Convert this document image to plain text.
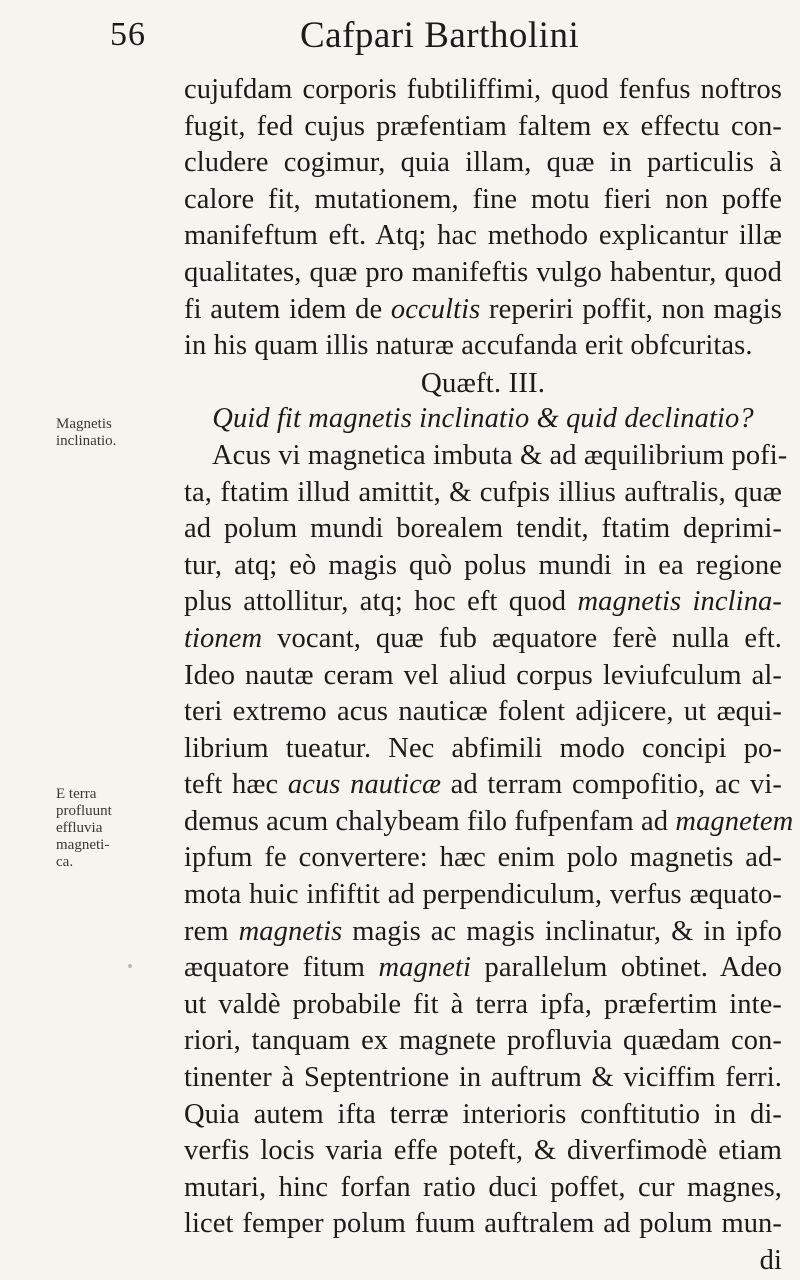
56	Cafpari Bartholini
Magnetis
inclinatio.
E terra
profluunt
effluvia
magneti-
ca.
cujufdam corporis fubtiliffimi, quod fenfus noftros
fugit, fed cujus præfentiam faltem ex effectu con-
cludere cogimur, quia illam, quæ in particulis à
calore fit, mutationem, fine motu fieri non poffe
manifeftum eft. Atq; hac methodo explicantur illæ
qualitates, quæ pro manifeftis vulgo habentur, quod
fi autem idem de occultis reperiri poffit, non magis
in his quam illis naturæ accufanda erit obfcuritas.
Quæft. III.
Quid fit magnetis inclinatio & quid declinatio?
Acus vi magnetica imbuta & ad æquilibrium pofi-
ta, ftatim illud amittit, & cufpis illius auftralis, quæ
ad polum mundi borealem tendit, ftatim deprimi-
tur, atq; eò magis quò polus mundi in ea regione
plus attollitur, atq; hoc eft quod magnetis inclina-
tionem vocant, quæ fub æquatore ferè nulla eft.
Ideo nautæ ceram vel aliud corpus leviufculum al-
teri extremo acus nauticæ folent adjicere, ut æqui-
librium tueatur. Nec abfimili modo concipi po-
teft hæc acus nauticæ ad terram compofitio, ac vi-
demus acum chalybeam filo fufpenfam ad magnetem
ipfum fe convertere: hæc enim polo magnetis ad-
mota huic infiftit ad perpendiculum, verfus æquato-
rem magnetis magis ac magis inclinatur, & in ipfo
æquatore fitum magneti parallelum obtinet. Adeo
ut valdè probabile fit à terra ipfa, præfertim inte-
riori, tanquam ex magnete profluvia quædam con-
tinenter à Septentrione in auftrum & viciffim ferri.
Quia autem ifta terræ interioris conftitutio in di-
verfis locis varia effe poteft, & diverfimodè etiam
mutari, hinc forfan ratio duci poffet, cur magnes,
licet femper polum fuum auftralem ad polum mun-
di
